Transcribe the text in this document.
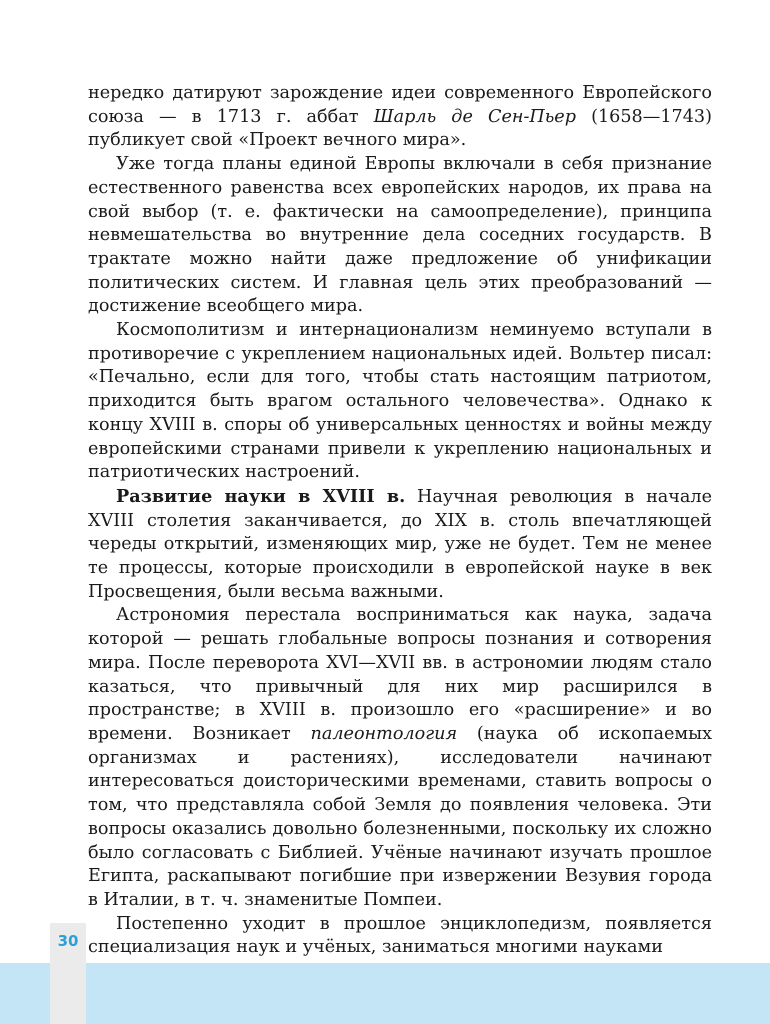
нередко датируют зарождение идеи современного Европейского союза — в 1713 г. аббат Шарль де Сен-Пьер (1658—1743) публикует свой «Проект вечного мира».

Уже тогда планы единой Европы включали в себя признание естественного равенства всех европейских народов, их права на свой выбор (т. е. фактически на самоопределение), принципа невмешательства во внутренние дела соседних государств. В трактате можно найти даже предложение об унификации политических систем. И главная цель этих преобразований — достижение всеобщего мира.

Космополитизм и интернационализм неминуемо вступали в противоречие с укреплением национальных идей. Вольтер писал: «Печально, если для того, чтобы стать настоящим патриотом, приходится быть врагом остального человечества». Однако к концу XVIII в. споры об универсальных ценностях и войны между европейскими странами привели к укреплению национальных и патриотических настроений.

Развитие науки в XVIII в. Научная революция в начале XVIII столетия заканчивается, до XIX в. столь впечатляющей череды открытий, изменяющих мир, уже не будет. Тем не менее те процессы, которые происходили в европейской науке в век Просвещения, были весьма важными.

Астрономия перестала восприниматься как наука, задача которой — решать глобальные вопросы познания и сотворения мира. После переворота XVI—XVII вв. в астрономии людям стало казаться, что привычный для них мир расширился в пространстве; в XVIII в. произошло его «расширение» и во времени. Возникает палеонтология (наука об ископаемых организмах и растениях), исследователи начинают интересоваться доисторическими временами, ставить вопросы о том, что представляла собой Земля до появления человека. Эти вопросы оказались довольно болезненными, поскольку их сложно было согласовать с Библией. Учёные начинают изучать прошлое Египта, раскапывают погибшие при извержении Везувия города в Италии, в т. ч. знаменитые Помпеи.

Постепенно уходит в прошлое энциклопедизм, появляется специализация наук и учёных, заниматься многими науками

30
